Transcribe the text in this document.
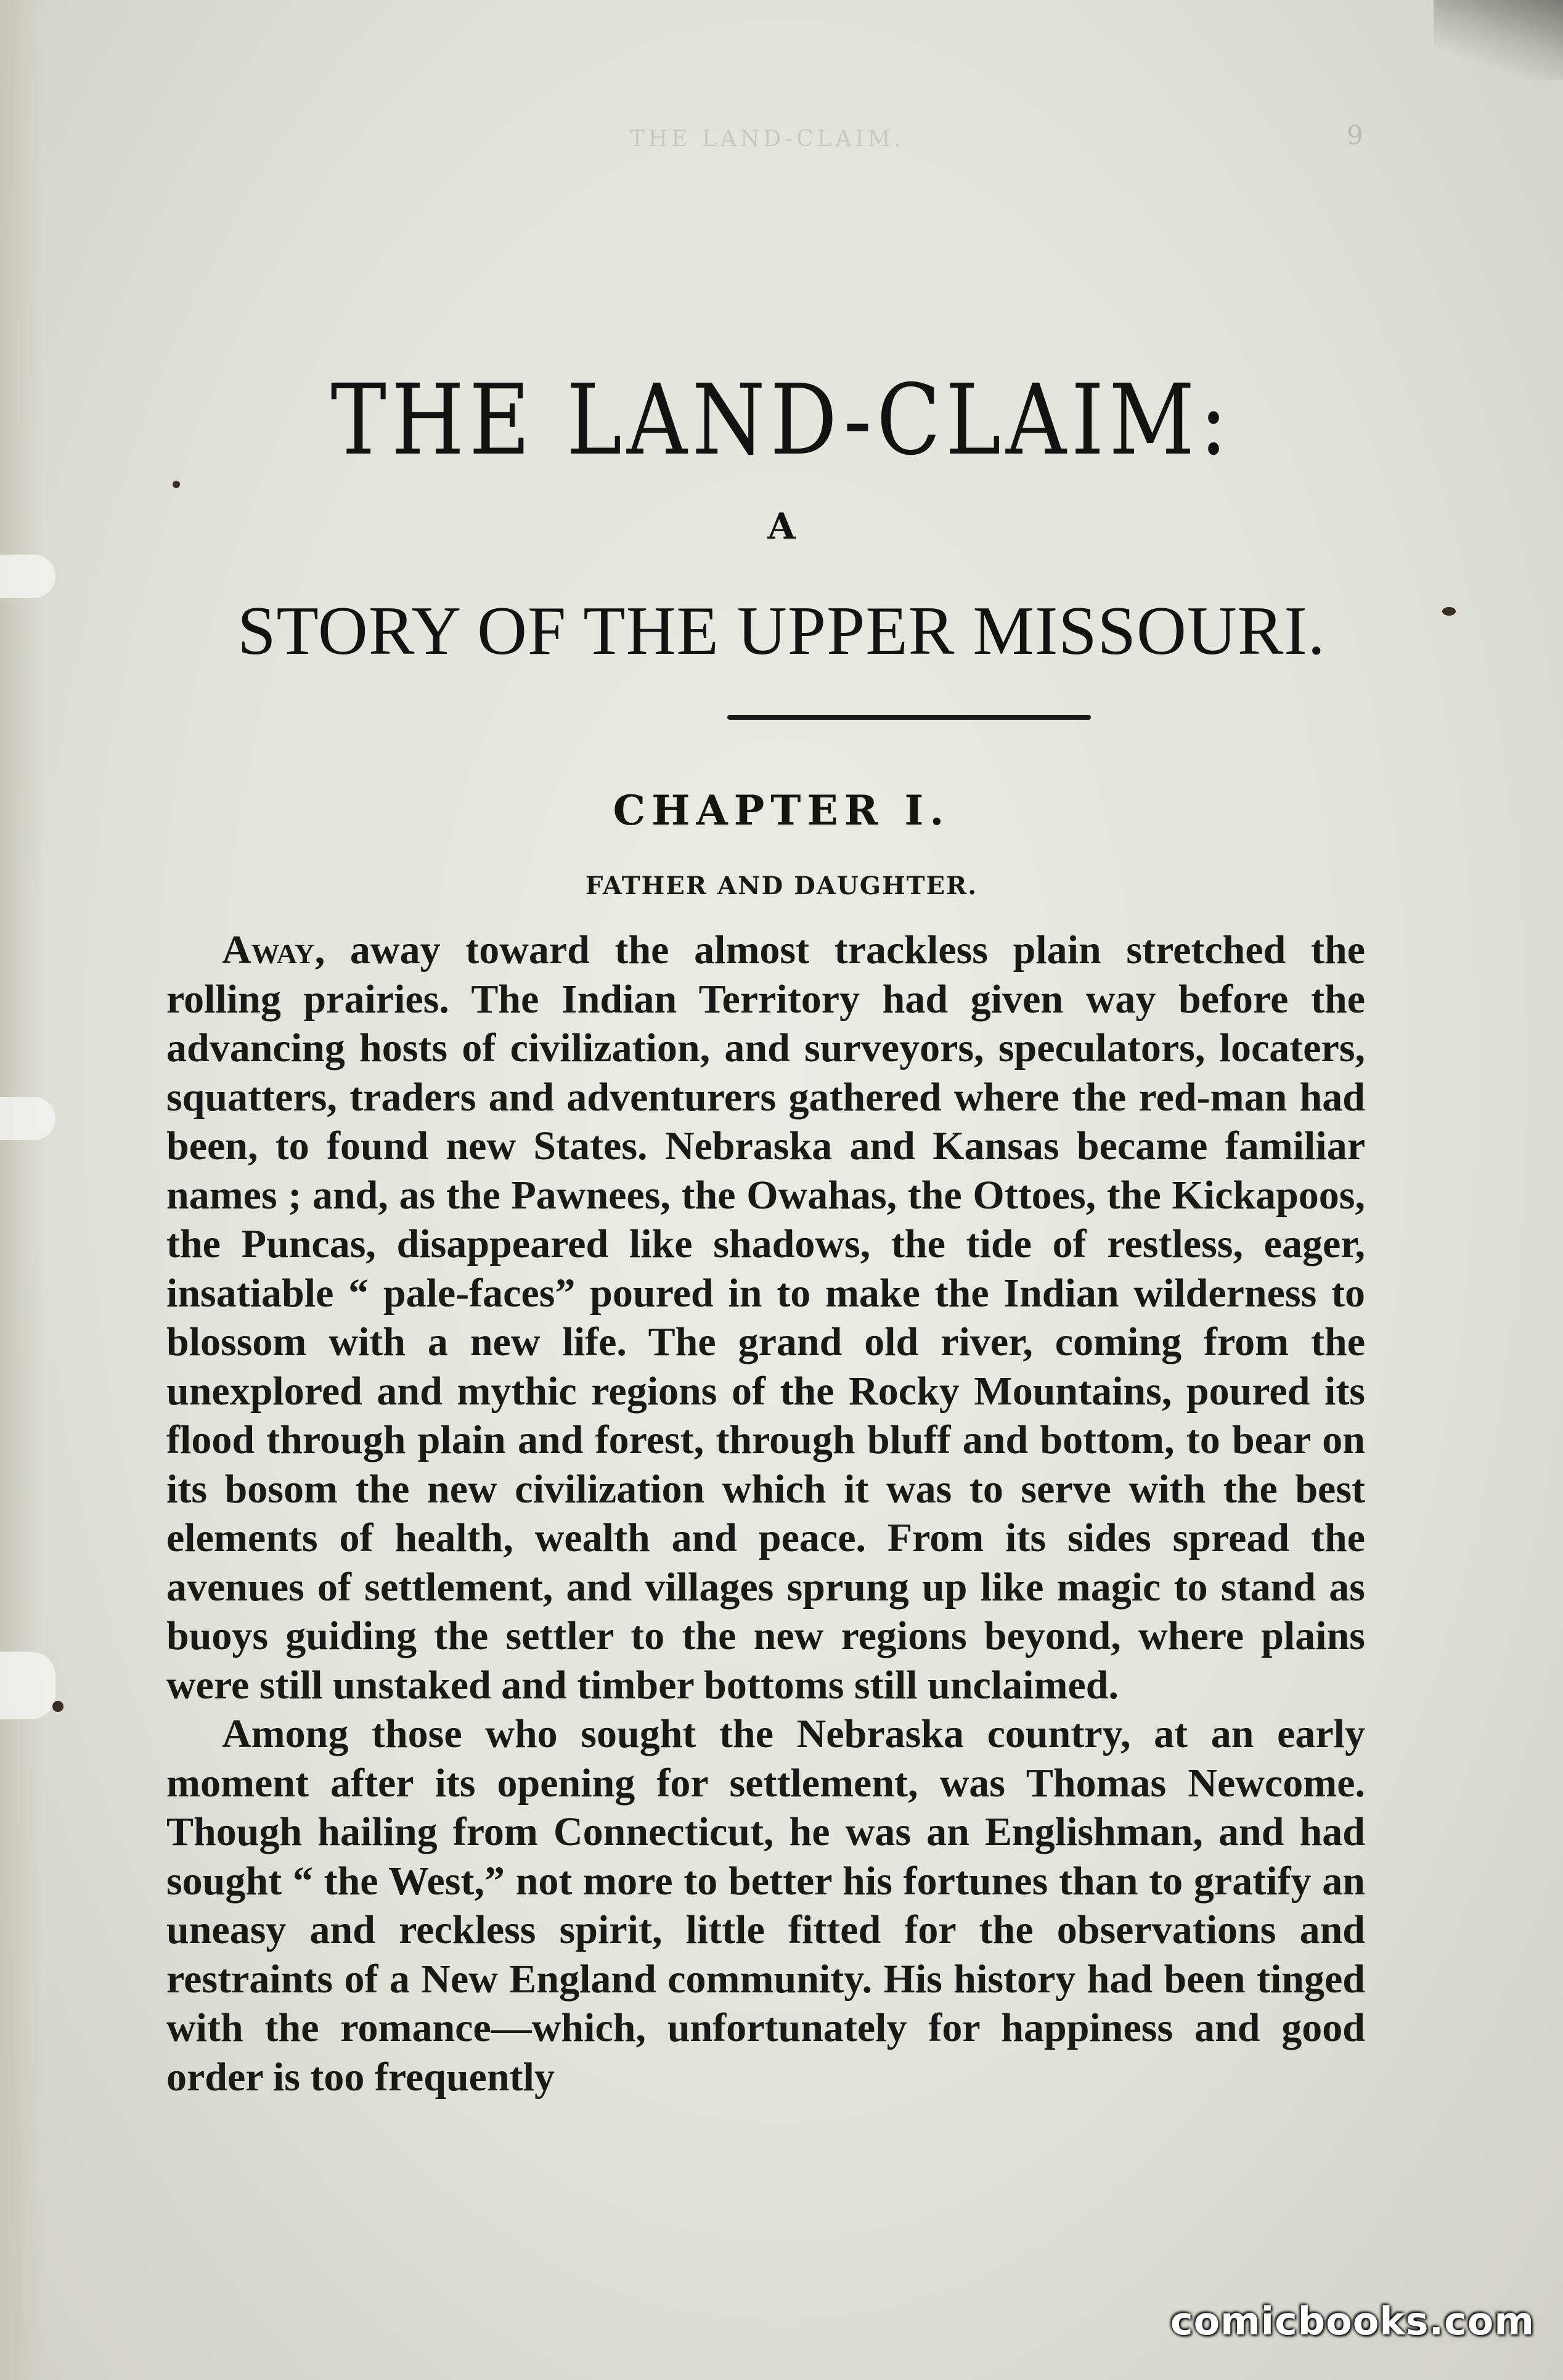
THE LAND-CLAIM.	9
THE LAND-CLAIM:
A
STORY OF THE UPPER MISSOURI.
CHAPTER I.
FATHER AND DAUGHTER.

Away, away toward the almost trackless plain stretched the rolling prairies. The Indian Territory had given way before the advancing hosts of civilization, and surveyors, speculators, locaters, squatters, traders and adventurers gathered where the red-man had been, to found new States. Nebraska and Kansas became familiar names ; and, as the Pawnees, the Owahas, the Ottoes, the Kickapoos, the Puncas, disappeared like shadows, the tide of restless, eager, insatiable “ pale-faces” poured in to make the Indian wilderness to blossom with a new life. The grand old river, coming from the unexplored and mythic regions of the Rocky Mountains, poured its flood through plain and forest, through bluff and bottom, to bear on its bosom the new civilization which it was to serve with the best elements of health, wealth and peace. From its sides spread the avenues of settlement, and villages sprung up like magic to stand as buoys guiding the settler to the new regions beyond, where plains were still unstaked and timber bottoms still unclaimed.

Among those who sought the Nebraska country, at an early moment after its opening for settlement, was Thomas Newcome. Though hailing from Connecticut, he was an Englishman, and had sought “ the West,” not more to better his fortunes than to gratify an uneasy and reckless spirit, little fitted for the observations and restraints of a New England community. His history had been tinged with the romance—which, unfortunately for happiness and good order is too frequently

comicbooks.com
